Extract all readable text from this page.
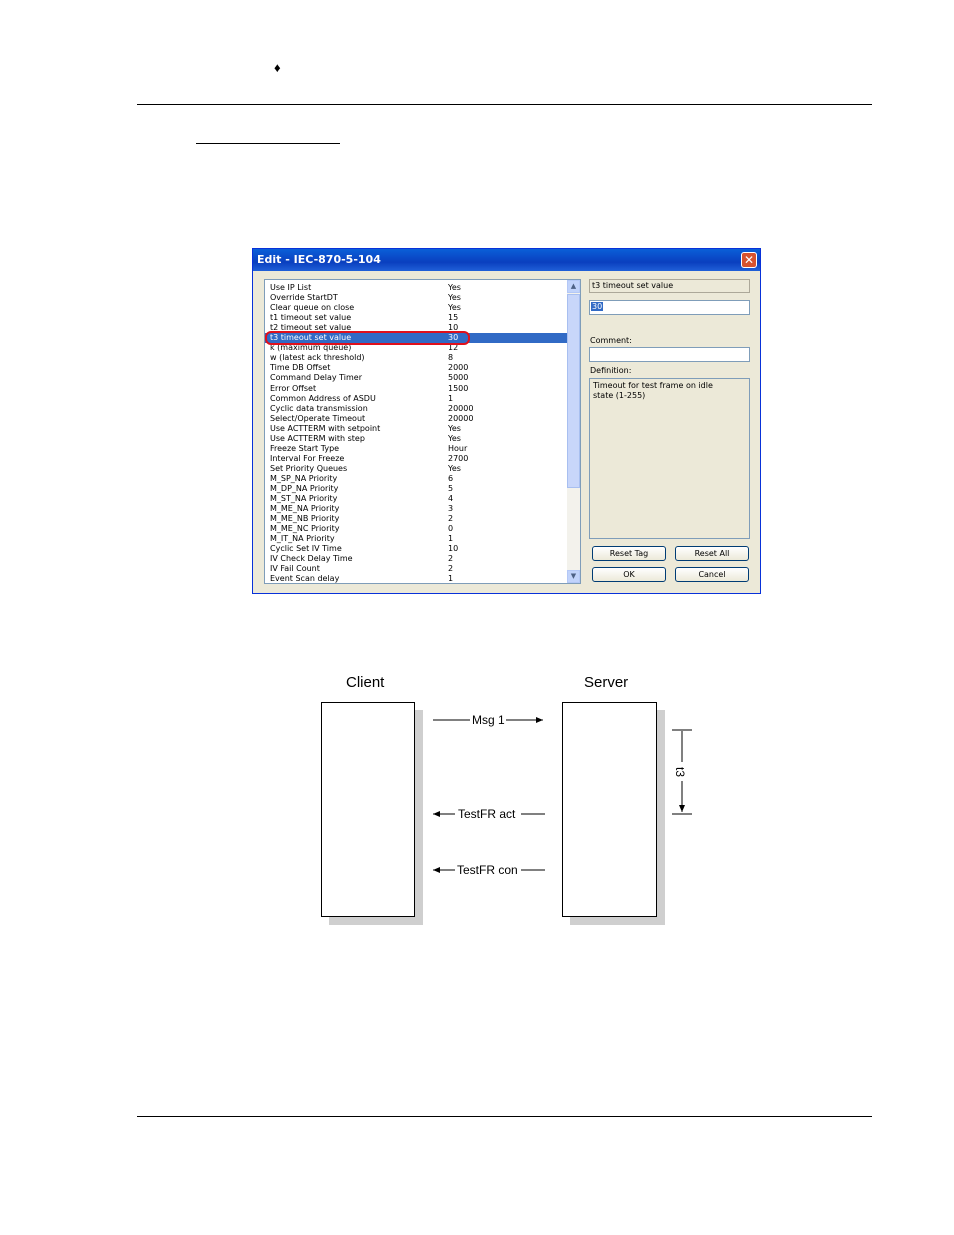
♦
Edit - IEC-870-5-104	✕
Event Scan delay	1
IV Fail Count	2
IV Check Delay Time	2
Cyclic Set IV Time	10
M_IT_NA Priority	1
M_ME_NC Priority	0
M_ME_NB Priority	2
M_ME_NA Priority	3
M_ST_NA Priority	4
M_DP_NA Priority	5
M_SP_NA Priority	6
Set Priority Queues	Yes
Interval For Freeze	2700
Freeze Start Type	Hour
Use ACTTERM with step	Yes
Use ACTTERM with setpoint	Yes
Select/Operate Timeout	20000
Cyclic data transmission	20000
Common Address of ASDU	1
Error Offset	1500
Command Delay Timer	5000
Time DB Offset	2000
w (latest ack threshold)	8
k (maximum queue)	12
t3 timeout set value	30
t2 timeout set value	10
t1 timeout set value	15
Clear queue on close	Yes
Override StartDT	Yes
Use IP List	Yes	▲
▼
t3 timeout set value
30
Comment:
Definition:
Timeout for test frame on idle state (1-255)
Reset Tag	Reset All
OK	Cancel
Client	Server
Msg 1
TestFR act
TestFR con
t3
